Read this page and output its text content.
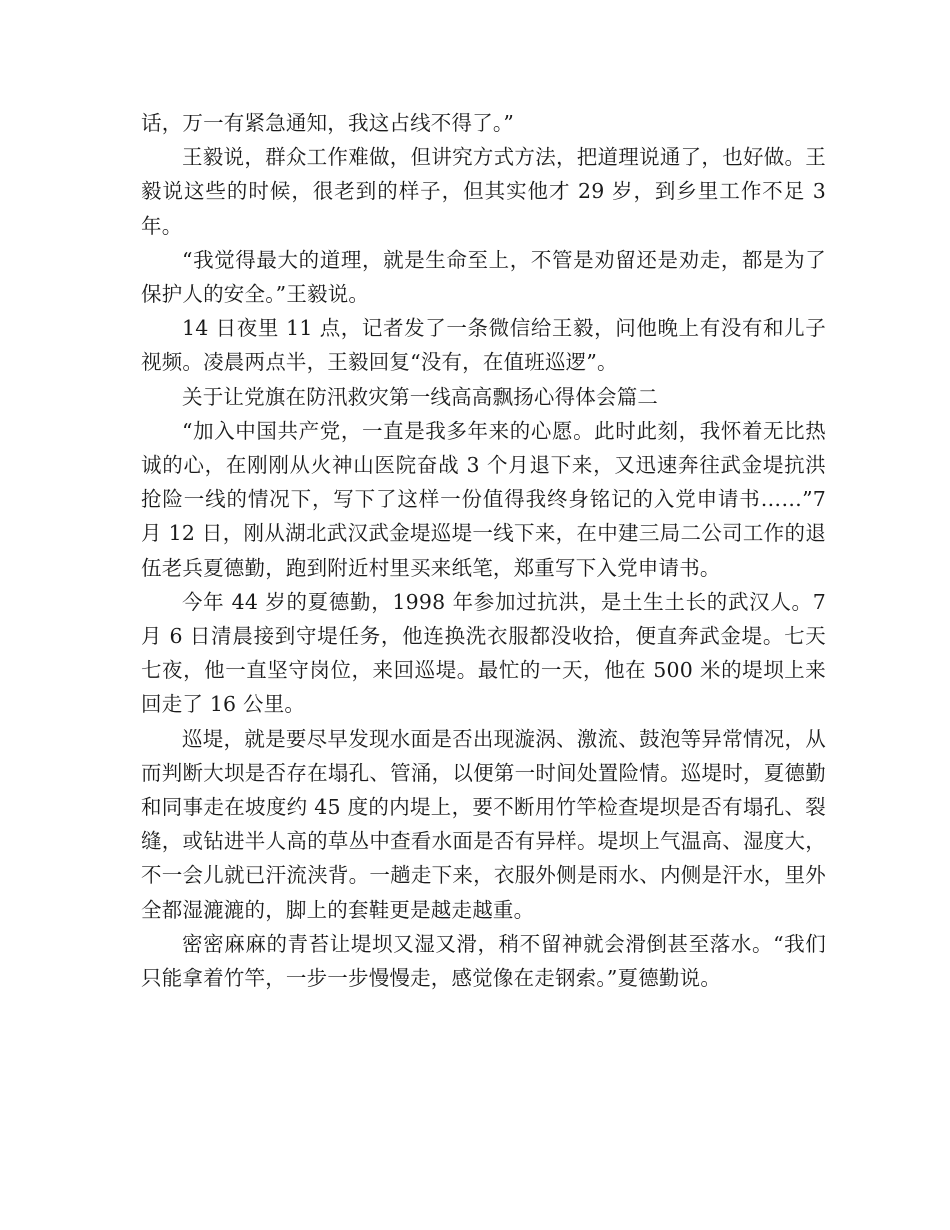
话，万一有紧急通知，我这占线不得了。”

王毅说，群众工作难做，但讲究方式方法，把道理说通了，也好做。王毅说这些的时候，很老到的样子，但其实他才 29 岁，到乡里工作不足 3 年。

“我觉得最大的道理，就是生命至上，不管是劝留还是劝走，都是为了保护人的安全。”王毅说。

14 日夜里 11 点，记者发了一条微信给王毅，问他晚上有没有和儿子视频。凌晨两点半，王毅回复“没有，在值班巡逻”。

关于让党旗在防汛救灾第一线高高飘扬心得体会篇二

“加入中国共产党，一直是我多年来的心愿。此时此刻，我怀着无比热诚的心，在刚刚从火神山医院奋战 3 个月退下来，又迅速奔往武金堤抗洪抢险一线的情况下，写下了这样一份值得我终身铭记的入党申请书……”7 月 12 日，刚从湖北武汉武金堤巡堤一线下来，在中建三局二公司工作的退伍老兵夏德勤，跑到附近村里买来纸笔，郑重写下入党申请书。

今年 44 岁的夏德勤，1998 年参加过抗洪，是土生土长的武汉人。7 月 6 日清晨接到守堤任务，他连换洗衣服都没收拾，便直奔武金堤。七天七夜，他一直坚守岗位，来回巡堤。最忙的一天，他在 500 米的堤坝上来回走了 16 公里。

巡堤，就是要尽早发现水面是否出现漩涡、激流、鼓泡等异常情况，从而判断大坝是否存在塌孔、管涌，以便第一时间处置险情。巡堤时，夏德勤和同事走在坡度约 45 度的内堤上，要不断用竹竿检查堤坝是否有塌孔、裂缝，或钻进半人高的草丛中查看水面是否有异样。堤坝上气温高、湿度大，不一会儿就已汗流浃背。一趟走下来，衣服外侧是雨水、内侧是汗水，里外全都湿漉漉的，脚上的套鞋更是越走越重。

密密麻麻的青苔让堤坝又湿又滑，稍不留神就会滑倒甚至落水。“我们只能拿着竹竿，一步一步慢慢走，感觉像在走钢索。”夏德勤说。
